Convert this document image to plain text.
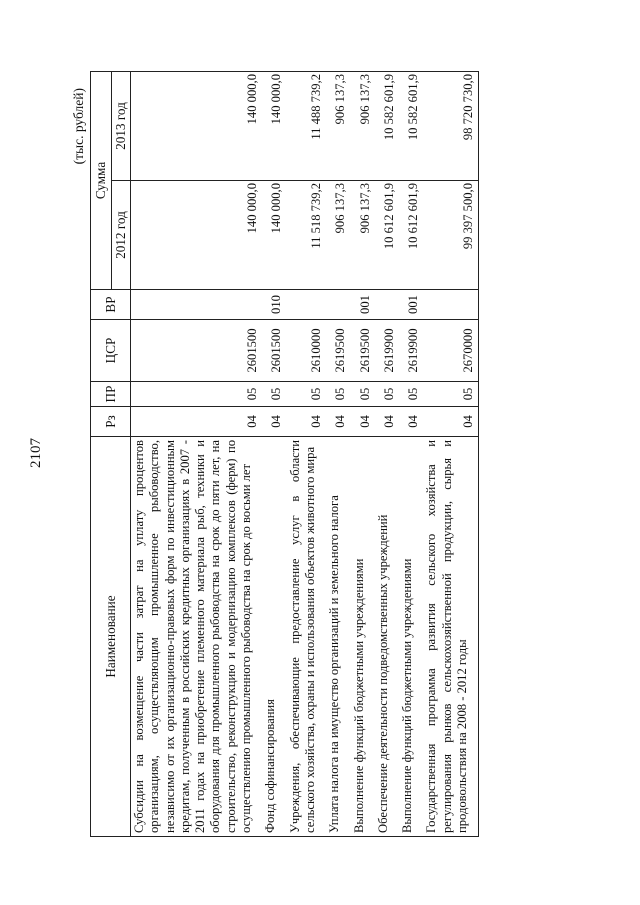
2107
(тыс. рублей)
Наименование	Рз	ПР	ЦСР	ВР	Сумма	
					2012 год	2013 год
Субсидии на возмещение части затрат на уплату процентов организациям, осуществляющим промышленное рыбоводство, независимо от их организационно-правовых форм по инвестиционным кредитам, полученным в российских кредитных организациях в 2007 - 2011 годах на приобретение племенного материала рыб, техники и оборудования для промышленного рыбоводства на срок до пяти лет, на строительство, реконструкцию и модернизацию комплексов (ферм) по осуществлению промышленного рыбоводства на срок до восьми лет	04	05	2601500		140 000,0	140 000,0
Фонд софинансирования	04	05	2601500	010	140 000,0	140 000,0
Учреждения, обеспечивающие предоставление услуг в области сельского хозяйства, охраны и использования объектов животного мира	04	05	2610000		11 518 739,2	11 488 739,2
Уплата налога на имущество организаций и земельного налога	04	05	2619500		906 137,3	906 137,3
Выполнение функций бюджетными учреждениями	04	05	2619500	001	906 137,3	906 137,3
Обеспечение деятельности подведомственных учреждений	04	05	2619900		10 612 601,9	10 582 601,9
Выполнение функций бюджетными учреждениями	04	05	2619900	001	10 612 601,9	10 582 601,9
Государственная программа развития сельского хозяйства и регулирования рынков сельскохозяйственной продукции, сырья и продовольствия на 2008 - 2012 годы	04	05	2670000		99 397 500,0	98 720 730,0
